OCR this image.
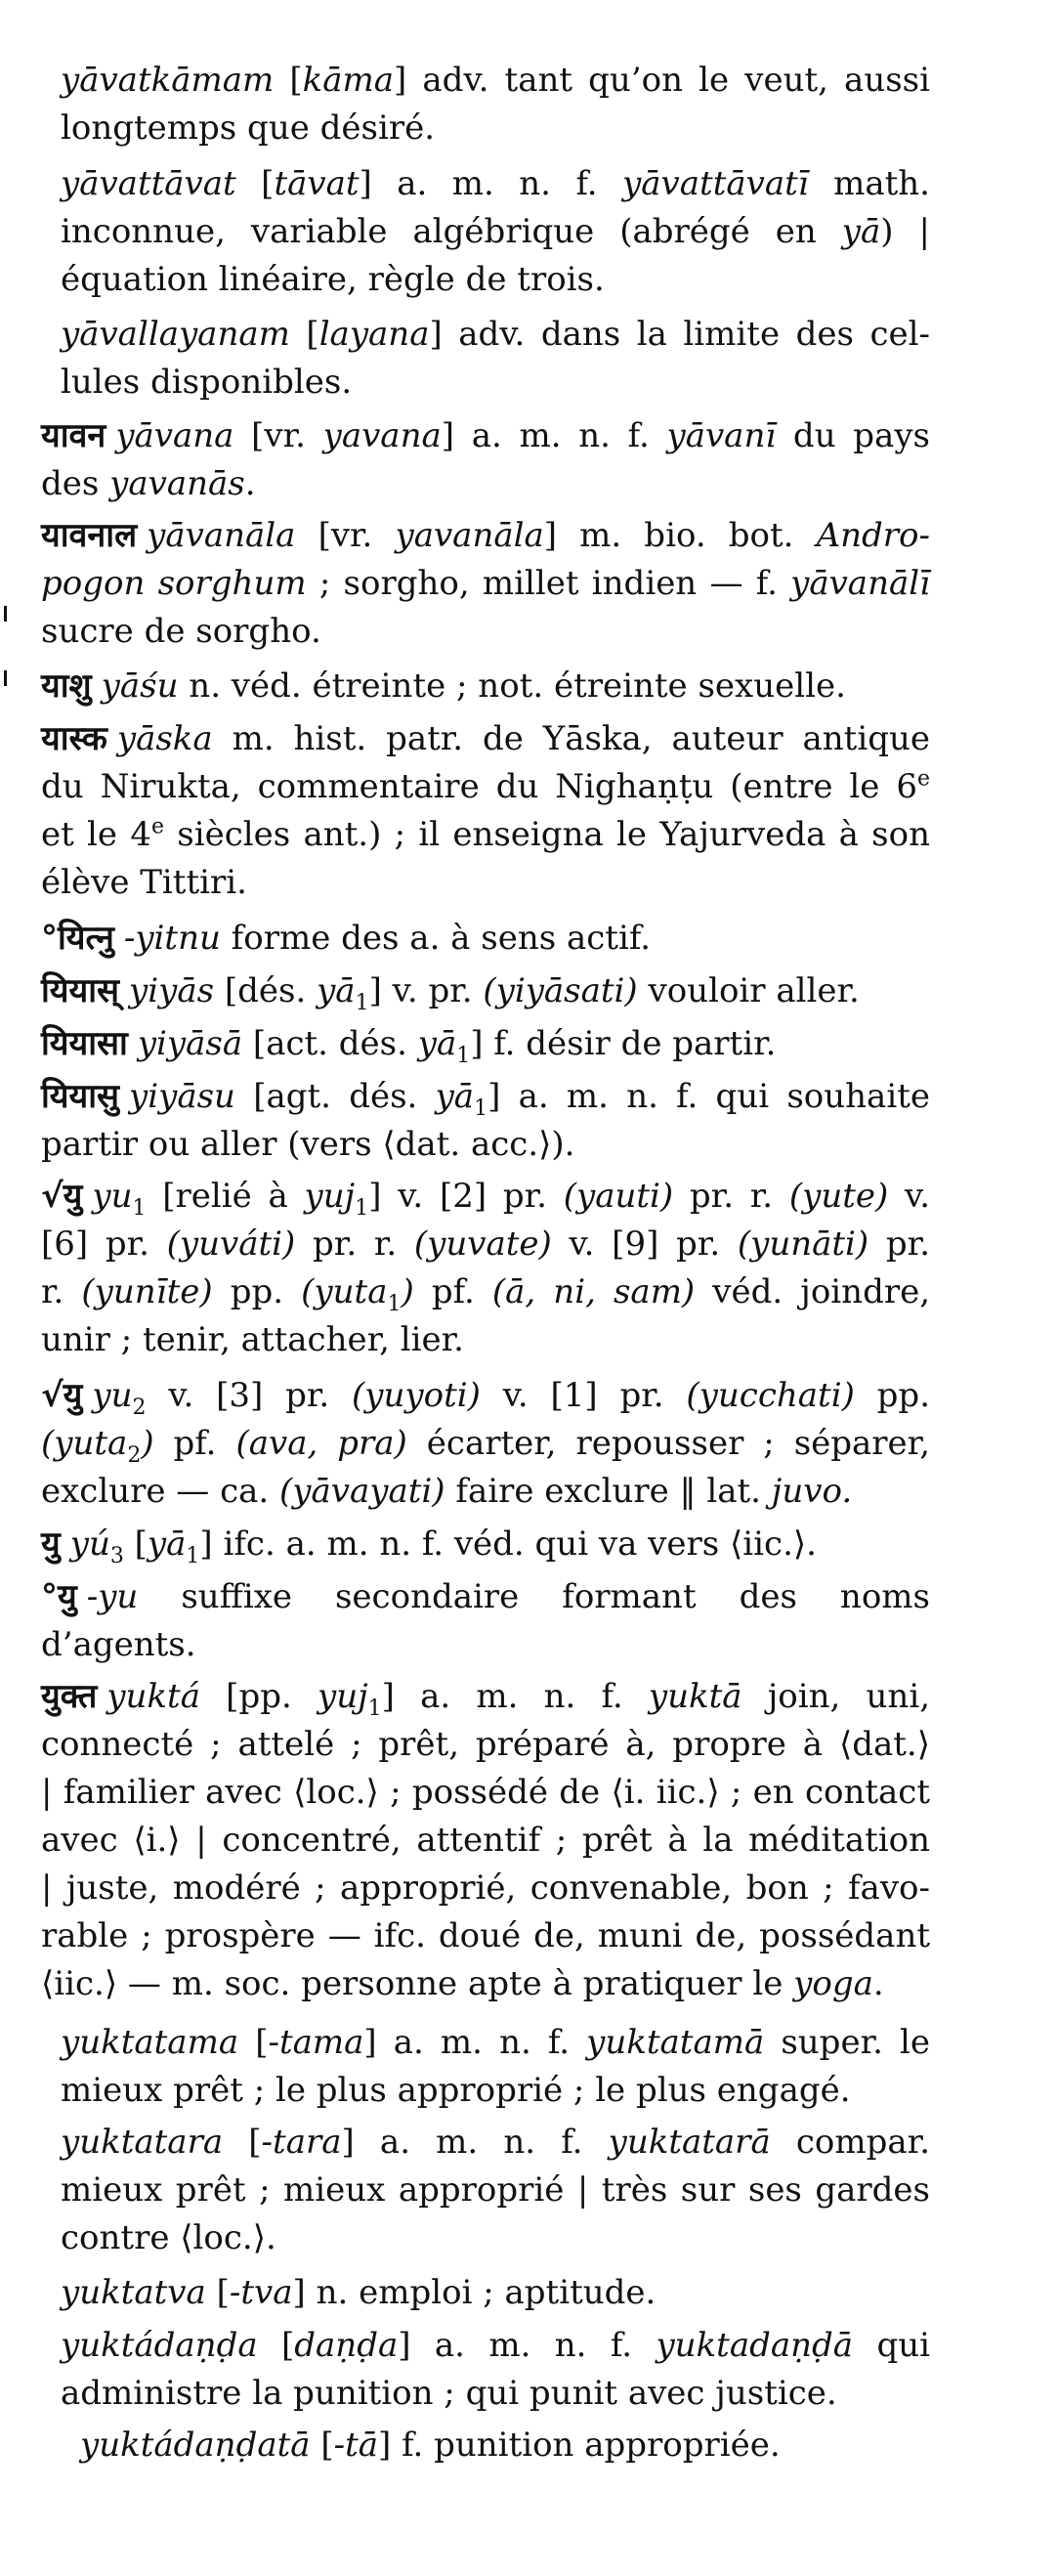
yāvatkāmam [kāma] adv. tant qu’on le veut, aussi
longtemps que désiré.
yāvattāvat [tāvat] a. m. n. f. yāvattāvatī math.
inconnue, variable algébrique (abrégé en yā) |
équation linéaire, règle de trois.
yāvallayanam [layana] adv. dans la limite des cel-
lules disponibles.
यावन yāvana [vr. yavana] a. m. n. f. yāvanī du pays
des yavanās.
यावनाल yāvanāla [vr. yavanāla] m. bio. bot. Andro-
pogon sorghum ; sorgho, millet indien — f. yāvanālī
sucre de sorgho.
याशु yāśu n. véd. étreinte ; not. étreinte sexuelle.
यास्क yāska m. hist. patr. de Yāska, auteur antique
du Nirukta, commentaire du Nighaṇṭu (entre le 6e
et le 4e siècles ant.) ; il enseigna le Yajurveda à son
élève Tittiri.
°यित्नु -yitnu forme des a. à sens actif.
यियास् yiyās [dés. $yā_1$] v. pr. (yiyāsati) vouloir aller.
यियासा yiyāsā [act. dés. $yā_1$] f. désir de partir.
यियासु yiyāsu [agt. dés. $yā_1$] a. m. n. f. qui souhaite
partir ou aller (vers ⟨dat. acc.⟩).
√यु $yu_1$ [relié à yuj$_1$] v. [2] pr. (yauti) pr. r. (yute) v.
[6] pr. (yuváti) pr. r. (yuvate) v. [9] pr. (yunāti) pr.
r. (yunīte) pp. (yuta$_1$) pf. (ā, ni, sam) véd. joindre,
unir ; tenir, attacher, lier.
√यु $yu_2$ v. [3] pr. (yuyoti) v. [1] pr. (yucchati) pp.
(yuta$_2$) pf. (ava, pra) écarter, repousser ; séparer,
exclure — ca. (yāvayati) faire exclure ‖ lat. juvo.
यु $yú_3$ $[yā_1]$ ifc. a. m. n. f. véd. qui va vers ⟨iic.⟩.
°यु -yu suffixe secondaire formant des noms
d’agents.
युक्त yuktá [pp. yuj$_1$] a. m. n. f. yuktā join, uni,
connecté ; attelé ; prêt, préparé à, propre à ⟨dat.⟩
| familier avec ⟨loc.⟩ ; possédé de ⟨i. iic.⟩ ; en contact
avec ⟨i.⟩ | concentré, attentif ; prêt à la méditation
| juste, modéré ; approprié, convenable, bon ; favo-
rable ; prospère — ifc. doué de, muni de, possédant
⟨iic.⟩ — m. soc. personne apte à pratiquer le yoga.
yuktatama [-tama] a. m. n. f. yuktatamā super. le
mieux prêt ; le plus approprié ; le plus engagé.
yuktatara [-tara] a. m. n. f. yuktatarā compar.
mieux prêt ; mieux approprié | très sur ses gardes
contre ⟨loc.⟩.
yuktatva [-tva] n. emploi ; aptitude.
yuktádaṇḍa [daṇḍa] a. m. n. f. yuktadaṇḍā qui
administre la punition ; qui punit avec justice.
yuktádaṇḍatā [-tā] f. punition appropriée.
